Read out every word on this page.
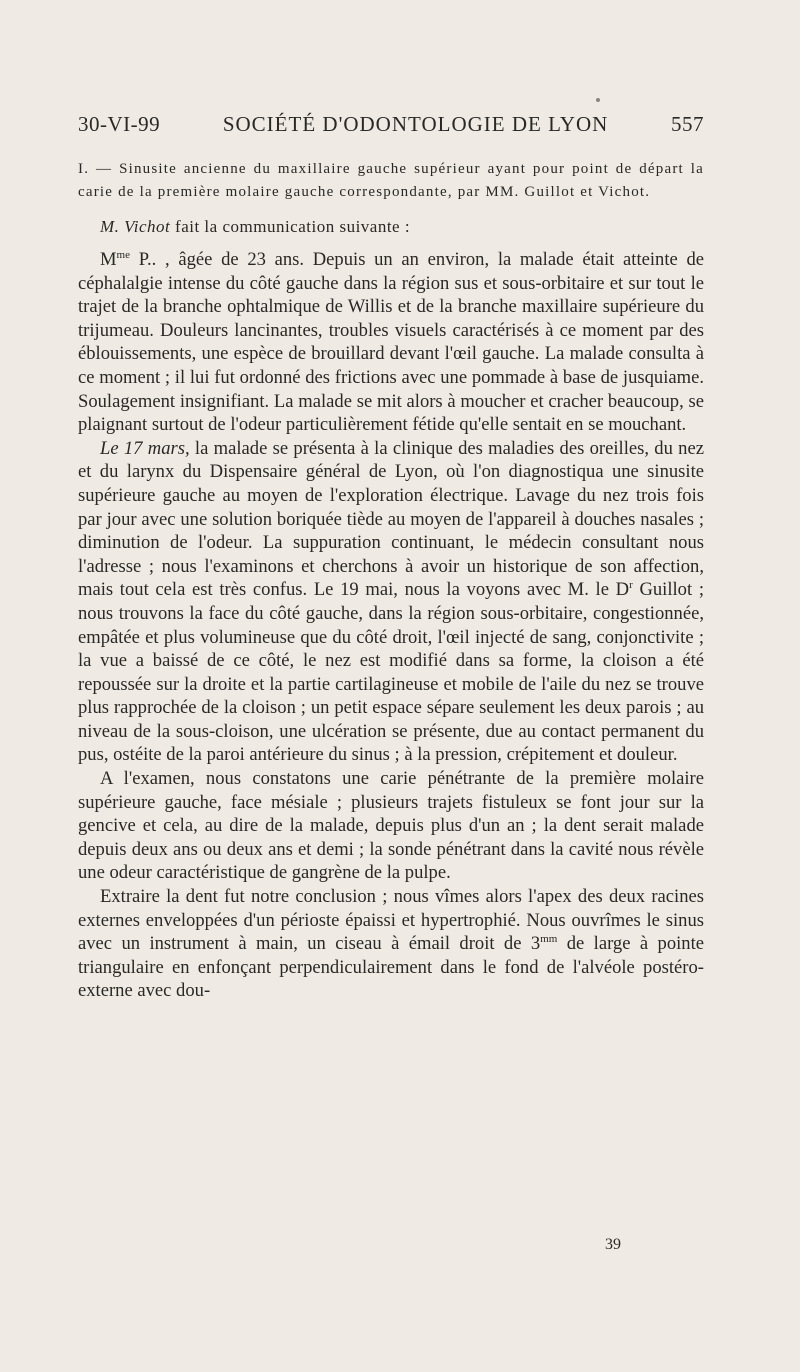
30-VI-99	SOCIÉTÉ D'ODONTOLOGIE DE LYON	557
I. — Sinusite ancienne du maxillaire gauche supérieur ayant pour point de départ la carie de la première molaire gauche correspondante, par MM. Guillot et Vichot.
M. Vichot fait la communication suivante :

$M^{me}$ P.. , âgée de 23 ans. Depuis un an environ, la malade était atteinte de céphalalgie intense du côté gauche dans la région sus et sous-orbitaire et sur tout le trajet de la branche ophtalmique de Willis et de la branche maxillaire supérieure du trijumeau. Douleurs lancinantes, troubles visuels caractérisés à ce moment par des éblouissements, une espèce de brouillard devant l'œil gauche. La malade consulta à ce moment ; il lui fut ordonné des frictions avec une pommade à base de jusquiame. Soulagement insignifiant. La malade se mit alors à moucher et cracher beaucoup, se plaignant surtout de l'odeur particulièrement fétide qu'elle sentait en se mouchant.

Le 17 mars, la malade se présenta à la clinique des maladies des oreilles, du nez et du larynx du Dispensaire général de Lyon, où l'on diagnostiqua une sinusite supérieure gauche au moyen de l'exploration électrique. Lavage du nez trois fois par jour avec une solution boriquée tiède au moyen de l'appareil à douches nasales ; diminution de l'odeur. La suppuration continuant, le médecin consultant nous l'adresse ; nous l'examinons et cherchons à avoir un historique de son affection, mais tout cela est très confus. Le 19 mai, nous la voyons avec M. le $D^r$ Guillot ; nous trouvons la face du côté gauche, dans la région sous-orbitaire, congestionnée, empâtée et plus volumineuse que du côté droit, l'œil injecté de sang, conjonctivite ; la vue a baissé de ce côté, le nez est modifié dans sa forme, la cloison a été repoussée sur la droite et la partie cartilagineuse et mobile de l'aile du nez se trouve plus rapprochée de la cloison ; un petit espace sépare seulement les deux parois ; au niveau de la sous-cloison, une ulcération se présente, due au contact permanent du pus, ostéite de la paroi antérieure du sinus ; à la pression, crépitement et douleur.

A l'examen, nous constatons une carie pénétrante de la première molaire supérieure gauche, face mésiale ; plusieurs trajets fistuleux se font jour sur la gencive et cela, au dire de la malade, depuis plus d'un an ; la dent serait malade depuis deux ans ou deux ans et demi ; la sonde pénétrant dans la cavité nous révèle une odeur caractéristique de gangrène de la pulpe.

Extraire la dent fut notre conclusion ; nous vîmes alors l'apex des deux racines externes enveloppées d'un périoste épaissi et hypertrophié. Nous ouvrîmes le sinus avec un instrument à main, un ciseau à émail droit de $3^{mm}$ de large à pointe triangulaire en enfonçant perpendiculairement dans le fond de l'alvéole postéro-externe avec dou-

39
